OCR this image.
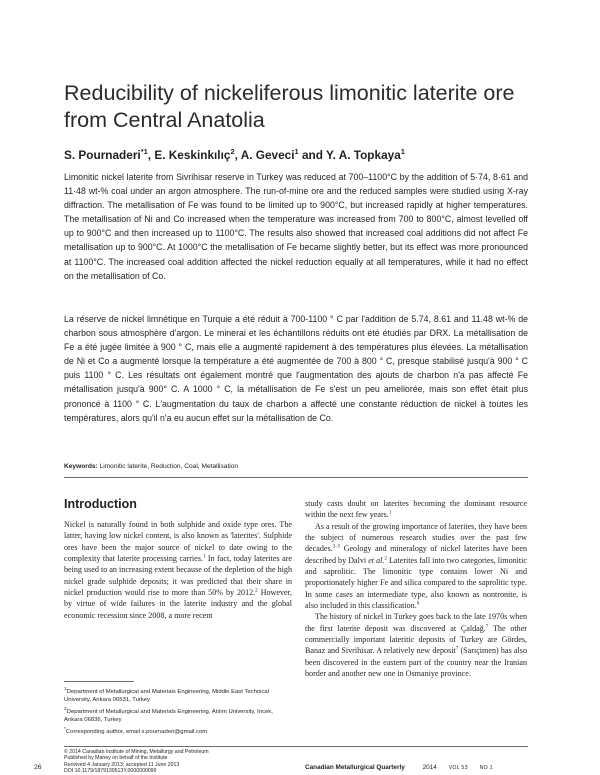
Reducibility of nickeliferous limonitic laterite ore from Central Anatolia
S. Pournaderi$^{*1}$, E. Keskinkılıç$^2$, A. Geveci$^1$ and Y. A. Topkaya$^1$

Limonitic nickel laterite from Sivrihisar reserve in Turkey was reduced at 700–1100°C by the addition of 5·74, 8·61 and 11·48 wt-% coal under an argon atmosphere. The run-of-mine ore and the reduced samples were studied using X-ray diffraction. The metallisation of Fe was found to be limited up to 900°C, but increased rapidly at higher temperatures. The metallisation of Ni and Co increased when the temperature was increased from 700 to 800°C, almost levelled off up to 900°C and then increased up to 1100°C. The results also showed that increased coal additions did not affect Fe metallisation up to 900°C. At 1000°C the metallisation of Fe became slightly better, but its effect was more pronounced at 1100°C. The increased coal addition affected the nickel reduction equally at all temperatures, while it had no effect on the metallisation of Co.

La réserve de nickel limnétique en Turquie a été réduit à 700-1100 ° C par l'addition de 5.74, 8.61 and 11.48 wt-% de charbon sous atmosphère d'argon. Le minerai et les échantillons réduits ont été étudiés par DRX. La métallisation de Fe a été jugée limitée à 900 ° C, mais elle a augmenté rapidement à des températures plus élevées. La métallisation de Ni et Co a augmenté lorsque la température a été augmentée de 700 à 800 ° C, presque stabilisé jusqu'à 900 ° C puis 1100 ° C. Les résultats ont également montré que l'augmentation des ajouts de charbon n'a pas affecté Fe métallisation jusqu'à 900° C. A 1000 ° C, la métallisation de Fe s'est un peu ameliorée, mais son effet était plus prononcé à 1100 ° C. L'augmentation du taux de charbon a affecté une constante réduction de nickel à toutes les températures, alors qu'il n'a eu aucun effet sur la métallisation de Co.

Keywords: Limonitic laterite, Reduction, Coal, Metallisation
Introduction

Nickel is naturally found in both sulphide and oxide type ores. The latter, having low nickel content, is also known as 'laterites'. Sulphide ores have been the major source of nickel to date owing to the complexity that laterite processing carries.$^1$ In fact, today laterites are being used to an increasing extent because of the depletion of the high nickel grade sulphide deposits; it was predicted that their share in nickel production would rise to more than 50% by 2012.$^2$ However, by virtue of wide failures in the laterite industry and the global economic recession since 2008, a more recent

study casts doubt on laterites becoming the dominant resource within the next few years.$^1$

As a result of the growing importance of laterites, they have been the subject of numerous research studies over the past few decades.$^{3-5}$ Geology and mineralogy of nickel laterites have been described by Dalvi et al.$^2$ Laterites fall into two categories, limonitic and saprolitic. The limonitic type contains lower Ni and proportionately higher Fe and silica compared to the saprolitic type. In some cases an intermediate type, also known as nontronite, is also included in this classification.$^6$

The history of nickel in Turkey goes back to the late 1970s when the first laterite deposit was discovered at Çaldağ.$^7$ The other commercially important lateritic deposits of Turkey are Gördes, Banaz and Sivrihisar. A relatively new deposit$^7$ (Sarıçimen) has also been discovered in the eastern part of the country near the Iranian border and another new one in Osmaniye province.

$^1$Department of Metallurgical and Materials Engineering, Middle East Technical University, Ankara 06531, Turkey
$^2$Department of Metallurgical and Materials Engineering, Atılım University, Incek, Ankara 06836, Turkey
*Corresponding author, email s.pournaderi@gmail.com
© 2014 Canadian Institute of Mining, Metallurgy and Petroleum
Published by Maney on behalf of the Institute
Received 4 January 2013; accepted 11 June 2013
DOI 10.1179/1879139513Y.0000000099
26	Canadian Metallurgical Quarterly	2014 VOL 53 NO 1
